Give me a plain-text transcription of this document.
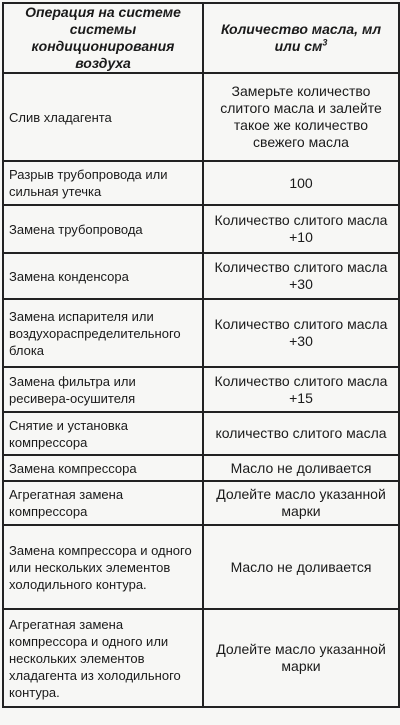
Операция на системе системы кондиционирования воздуха	Количество масла, мл или $см^3$
Слив хладагента	Замерьте количество слитого масла и залейте такое же количество свежего масла
Разрыв трубопровода или сильная утечка	100
Замена трубопровода	Количество слитого масла +10
Замена конденсора	Количество слитого масла +30
Замена испарителя или воздухораспределительного блока	Количество слитого масла +30
Замена фильтра или ресивера-осушителя	Количество слитого масла +15
Снятие и установка компрессора	количество слитого масла
Замена компрессора	Масло не доливается
Агрегатная замена компрессора	Долейте масло указанной марки
Замена компрессора и одного или нескольких элементов холодильного контура.	Масло не доливается
Агрегатная замена компрессора и одного или нескольких элементов хладагента из холодильного контура.	Долейте масло указанной марки
